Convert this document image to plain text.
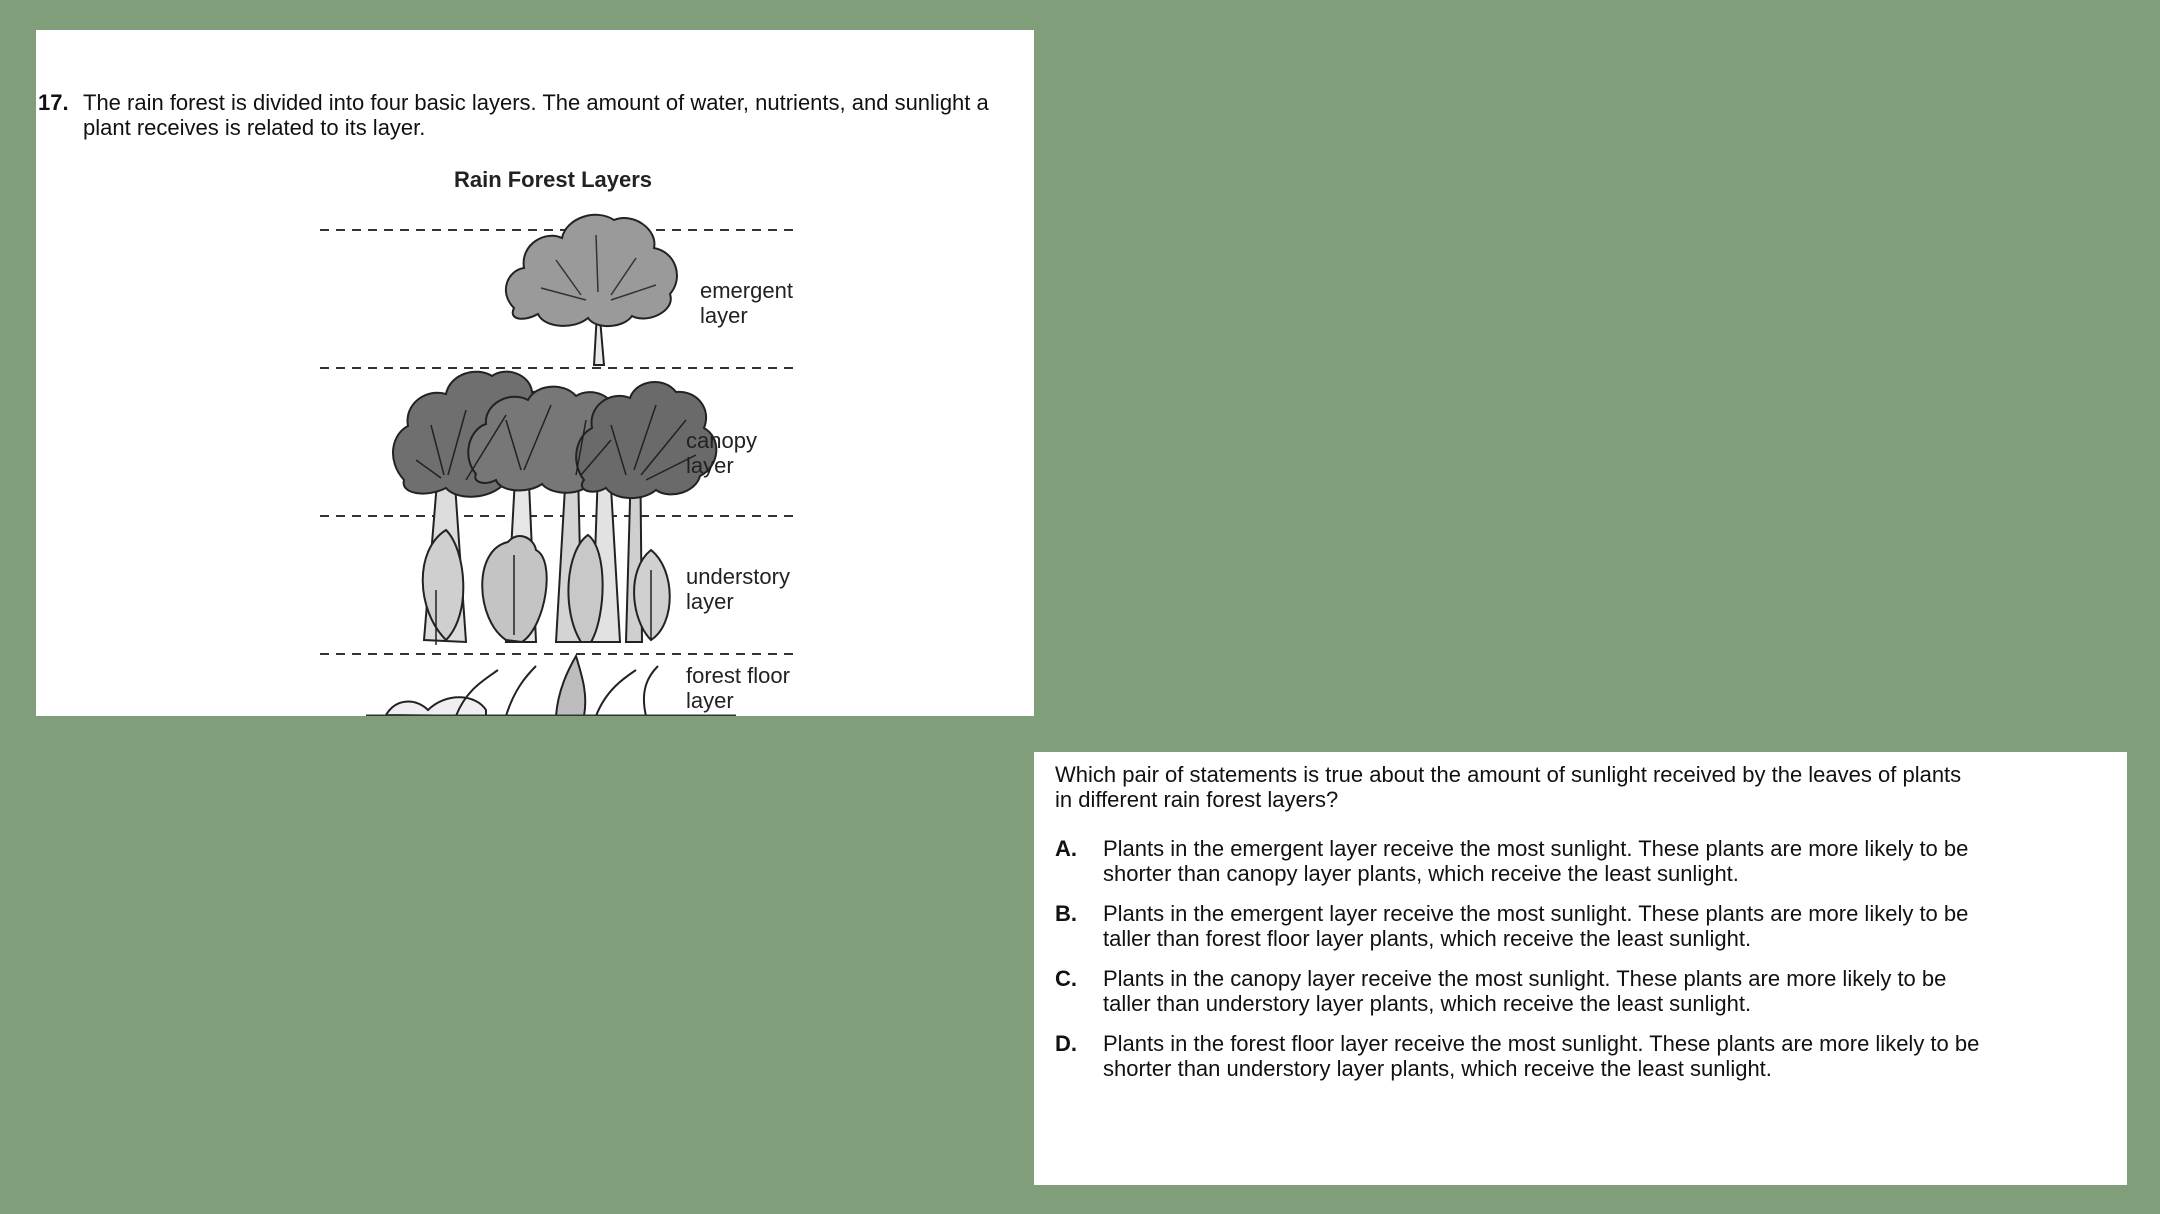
17. The rain forest is divided into four basic layers. The amount of water, nutrients, and sunlight a
plant receives is related to its layer.
Rain Forest Layers
emergent
layer
canopy
layer
understory
layer
forest floor
layer
Which pair of statements is true about the amount of sunlight received by the leaves of plants
in different rain forest layers?
A. Plants in the emergent layer receive the most sunlight. These plants are more likely to be
shorter than canopy layer plants, which receive the least sunlight.
B. Plants in the emergent layer receive the most sunlight. These plants are more likely to be
taller than forest floor layer plants, which receive the least sunlight.
C. Plants in the canopy layer receive the most sunlight. These plants are more likely to be
taller than understory layer plants, which receive the least sunlight.
D. Plants in the forest floor layer receive the most sunlight. These plants are more likely to be
shorter than understory layer plants, which receive the least sunlight.
